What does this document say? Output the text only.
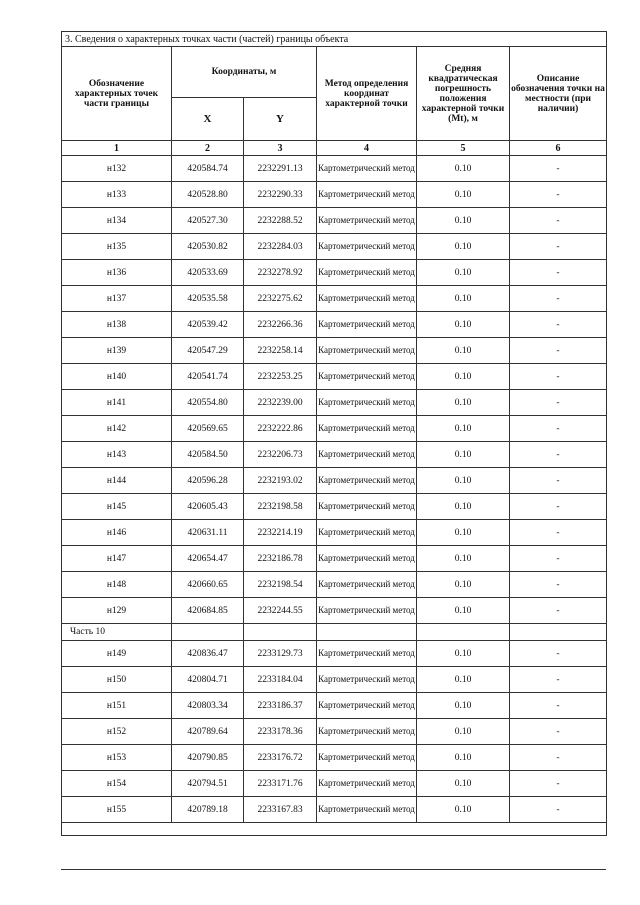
3. Сведения о характерных точках части (частей) границы объекта					
Обозначение характерных точек части границы	Координаты, м		Метод определения координат характерной точки	Средняя квадратическая погрешность положения характерной точки (Mt), м	Описание обозначения точки на местности (при наличии)
	X	Y			
1	2	3	4	5	6
н132	420584.74	2232291.13	Картометрический метод	0.10	-
н133	420528.80	2232290.33	Картометрический метод	0.10	-
н134	420527.30	2232288.52	Картометрический метод	0.10	-
н135	420530.82	2232284.03	Картометрический метод	0.10	-
н136	420533.69	2232278.92	Картометрический метод	0.10	-
н137	420535.58	2232275.62	Картометрический метод	0.10	-
н138	420539.42	2232266.36	Картометрический метод	0.10	-
н139	420547.29	2232258.14	Картометрический метод	0.10	-
н140	420541.74	2232253.25	Картометрический метод	0.10	-
н141	420554.80	2232239.00	Картометрический метод	0.10	-
н142	420569.65	2232222.86	Картометрический метод	0.10	-
н143	420584.50	2232206.73	Картометрический метод	0.10	-
н144	420596.28	2232193.02	Картометрический метод	0.10	-
н145	420605.43	2232198.58	Картометрический метод	0.10	-
н146	420631.11	2232214.19	Картометрический метод	0.10	-
н147	420654.47	2232186.78	Картометрический метод	0.10	-
н148	420660.65	2232198.54	Картометрический метод	0.10	-
н129	420684.85	2232244.55	Картометрический метод	0.10	-
Часть 10					
н149	420836.47	2233129.73	Картометрический метод	0.10	-
н150	420804.71	2233184.04	Картометрический метод	0.10	-
н151	420803.34	2233186.37	Картометрический метод	0.10	-
н152	420789.64	2233178.36	Картометрический метод	0.10	-
н153	420790.85	2233176.72	Картометрический метод	0.10	-
н154	420794.51	2233171.76	Картометрический метод	0.10	-
н155	420789.18	2233167.83	Картометрический метод	0.10	-
